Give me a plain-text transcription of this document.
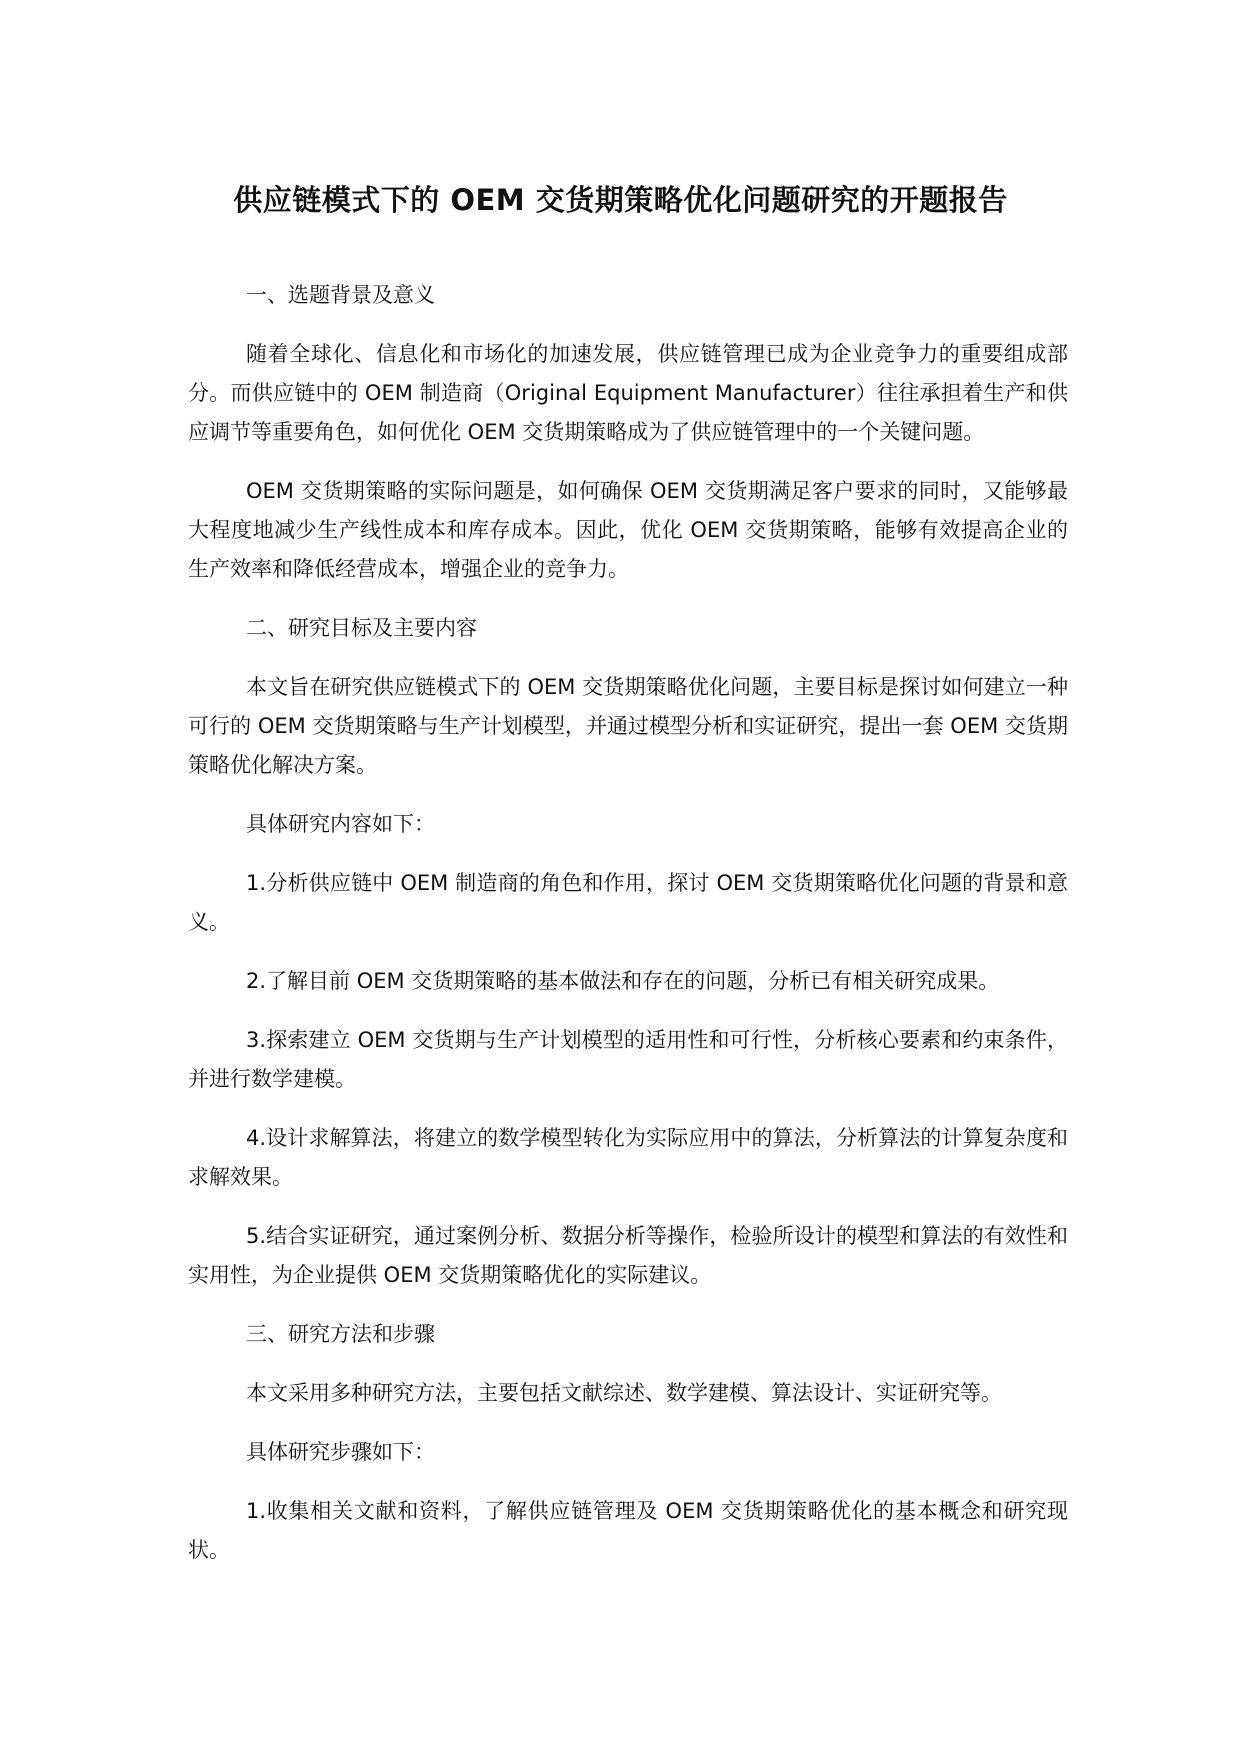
供应链模式下的 OEM 交货期策略优化问题研究的开题报告

一、选题背景及意义

随着全球化、信息化和市场化的加速发展，供应链管理已成为企业竞争力的重要组成部分。而供应链中的 OEM 制造商（Original Equipment Manufacturer）往往承担着生产和供应调节等重要角色，如何优化 OEM 交货期策略成为了供应链管理中的一个关键问题。

OEM 交货期策略的实际问题是，如何确保 OEM 交货期满足客户要求的同时，又能够最大程度地减少生产线性成本和库存成本。因此，优化 OEM 交货期策略，能够有效提高企业的生产效率和降低经营成本，增强企业的竞争力。

二、研究目标及主要内容

本文旨在研究供应链模式下的 OEM 交货期策略优化问题，主要目标是探讨如何建立一种可行的 OEM 交货期策略与生产计划模型，并通过模型分析和实证研究，提出一套 OEM 交货期策略优化解决方案。

具体研究内容如下：

1.分析供应链中 OEM 制造商的角色和作用，探讨 OEM 交货期策略优化问题的背景和意义。

2.了解目前 OEM 交货期策略的基本做法和存在的问题，分析已有相关研究成果。

3.探索建立 OEM 交货期与生产计划模型的适用性和可行性，分析核心要素和约束条件，并进行数学建模。

4.设计求解算法，将建立的数学模型转化为实际应用中的算法，分析算法的计算复杂度和求解效果。

5.结合实证研究，通过案例分析、数据分析等操作，检验所设计的模型和算法的有效性和实用性，为企业提供 OEM 交货期策略优化的实际建议。

三、研究方法和步骤

本文采用多种研究方法，主要包括文献综述、数学建模、算法设计、实证研究等。

具体研究步骤如下：

1.收集相关文献和资料，了解供应链管理及 OEM 交货期策略优化的基本概念和研究现状。
